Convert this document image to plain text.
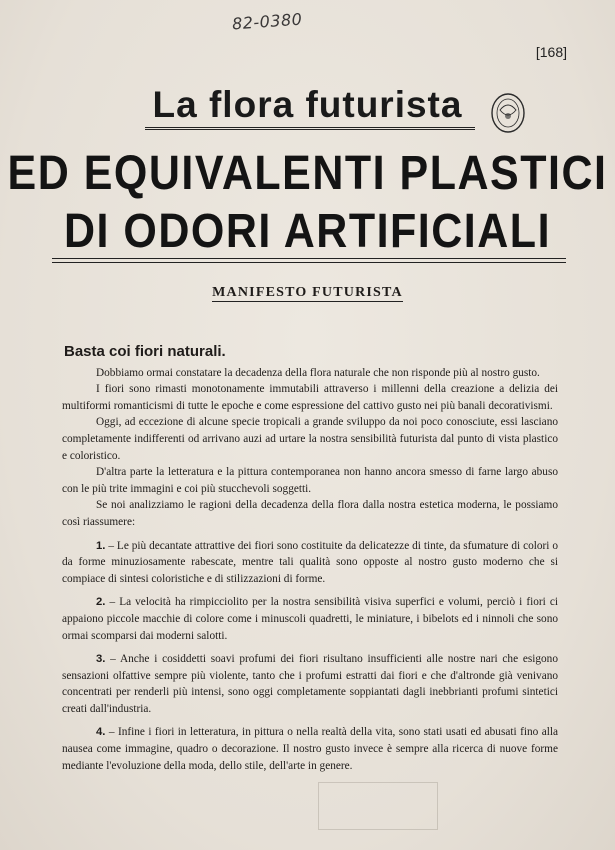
82-0380
[168]
La flora futurista
ED EQUIVALENTI PLASTICI
DI ODORI ARTIFICIALI
MANIFESTO FUTURISTA
Basta coi fiori naturali.

Dobbiamo ormai constatare la decadenza della flora naturale che non risponde più al nostro gusto.

I fiori sono rimasti monotonamente immutabili attraverso i millenni della creazione a delizia dei multiformi romanticismi di tutte le epoche e come espressione del cattivo gusto nei più banali decorativismi.

Oggi, ad eccezione di alcune specie tropicali a grande sviluppo da noi poco conosciute, essi lasciano completamente indifferenti od arrivano auzi ad urtare la nostra sensibilità futurista dal punto di vista plastico e coloristico.

D'altra parte la letteratura e la pittura contemporanea non hanno ancora smesso di farne largo abuso con le più trite immagini e coi più stucchevoli soggetti.

Se noi analizziamo le ragioni della decadenza della flora dalla nostra estetica moderna, le possiamo così riassumere:

1. – Le più decantate attrattive dei fiori sono costituite da delicatezze di tinte, da sfumature di colori o da forme minuziosamente rabescate, mentre tali qualità sono opposte al nostro gusto moderno che si compiace di sintesi coloristiche e di stilizzazioni di forme.

2. – La velocità ha rimpicciolito per la nostra sensibilità visiva superfici e volumi, perciò i fiori ci appaiono piccole macchie di colore come i minuscoli quadretti, le miniature, i bibelots ed i ninnoli che sono ormai scomparsi dai moderni salotti.

3. – Anche i cosiddetti soavi profumi dei fiori risultano insufficienti alle nostre nari che esigono sensazioni olfattive sempre più violente, tanto che i profumi estratti dai fiori e che d'altronde già venivano concentrati per renderli più intensi, sono oggi completamente soppiantati dagli inebbrianti profumi sintetici creati dall'industria.

4. – Infine i fiori in letteratura, in pittura o nella realtà della vita, sono stati usati ed abusati fino alla nausea come immagine, quadro o decorazione. Il nostro gusto invece è sempre alla ricerca di nuove forme mediante l'evoluzione della moda, dello stile, dell'arte in genere.
